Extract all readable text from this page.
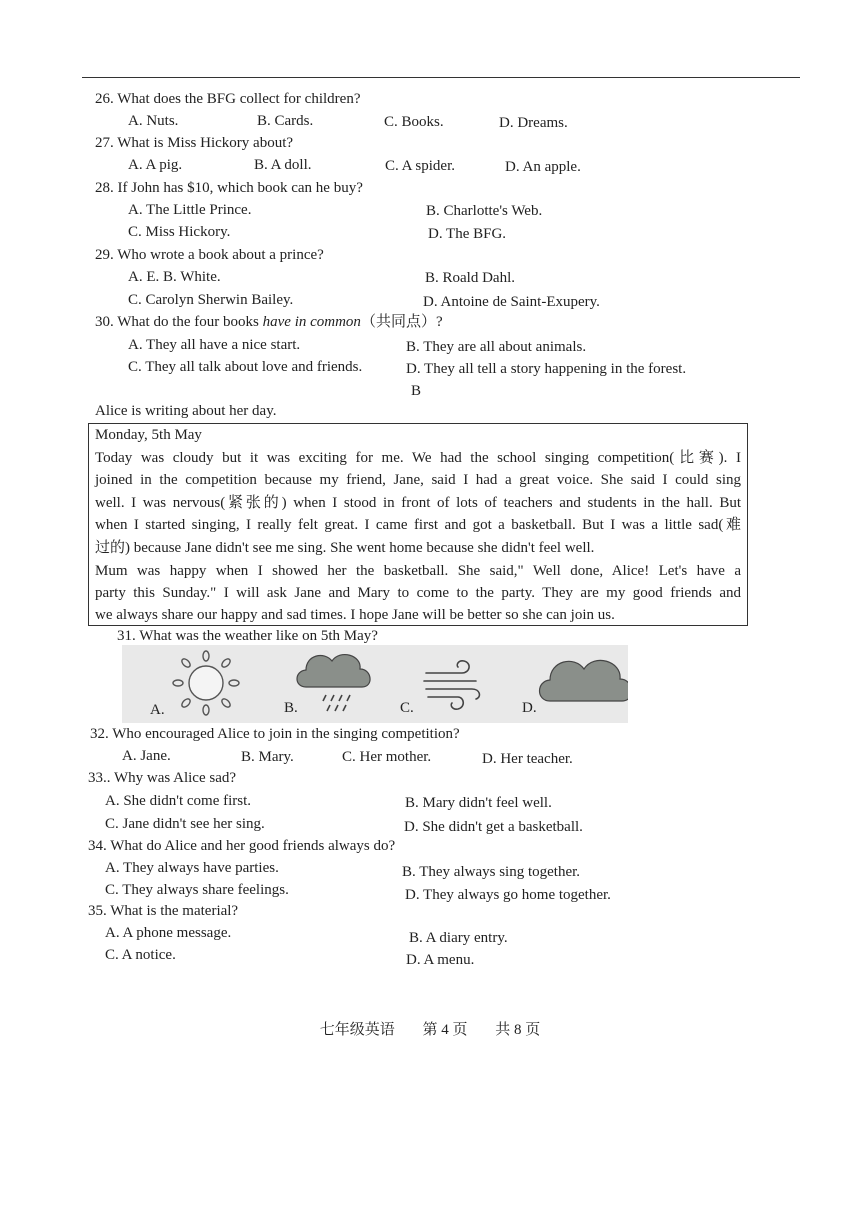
26. What does the BFG collect for children?
A. Nuts.	B. Cards.	C. Books.	D. Dreams.
27. What is Miss Hickory about?
A. A pig.	B. A doll.	C. A spider.	D. An apple.
28. If John has $10, which book can he buy?
A. The Little Prince.	B. Charlotte's Web.
C. Miss Hickory.	D. The BFG.
29. Who wrote a book about a prince?
A. E. B. White.	B. Roald Dahl.
C. Carolyn Sherwin Bailey.	D. Antoine de Saint-Exupery.
30. What do the four books have in common（共同点）?
A. They all have a nice start.	B. They are all about animals.
C. They all talk about love and friends.	D. They all tell a story happening in the forest.
B
Alice is writing about her day.
Monday, 5th May
Today was cloudy but it was exciting for me. We had the school singing competition(比赛). I
joined in the competition because my friend, Jane, said I had a great voice. She said I could sing
well. I was nervous(紧张的) when I stood in front of lots of teachers and students in the hall. But
when I started singing, I really felt great. I came first and got a basketball. But I was a little sad(难
过的) because Jane didn't see me sing. She went home because she didn't feel well.
Mum was happy when I showed her the basketball. She said," Well done, Alice! Let's have a
party this Sunday." I will ask Jane and Mary to come to the party. They are my good friends and
we always share our happy and sad times. I hope Jane will be better so she can join us.
31. What was the weather like on 5th May?
A.	B.	C.	D.
32. Who encouraged Alice to join in the singing competition?
A. Jane.	B. Mary.	C. Her mother.	D. Her teacher.
33.. Why was Alice sad?
A. She didn't come first.	B. Mary didn't feel well.
C. Jane didn't see her sing.	D. She didn't get a basketball.
34. What do Alice and her good friends always do?
A. They always have parties.	B. They always sing together.
C. They always share feelings.	D. They always go home together.
35. What is the material?
A. A phone message.	B. A diary entry.
C. A notice.	D. A menu.
七年级英语 第 4 页 共 8 页
